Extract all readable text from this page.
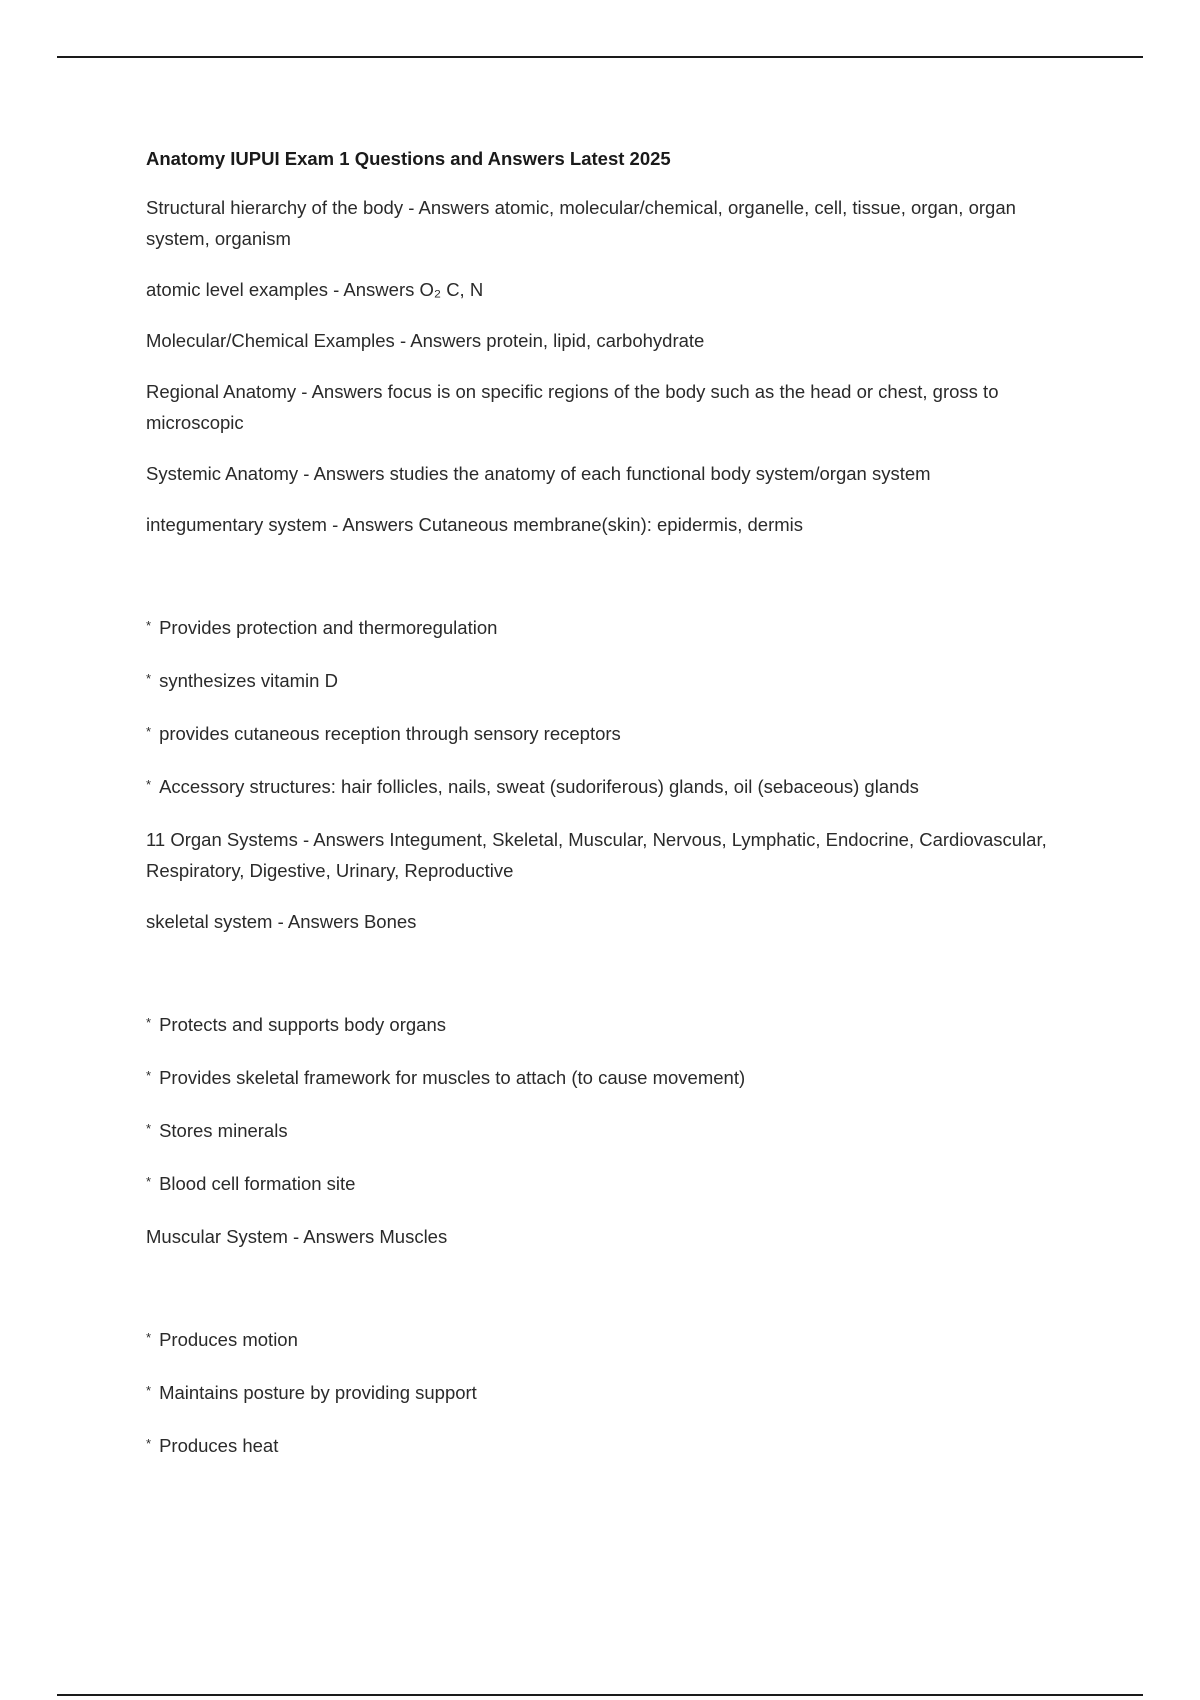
Anatomy IUPUI Exam 1 Questions and Answers Latest 2025
Structural hierarchy of the body - Answers atomic, molecular/chemical, organelle, cell, tissue, organ, organ system, organism
atomic level examples - Answers O₂ C, N
Molecular/Chemical Examples - Answers protein, lipid, carbohydrate
Regional Anatomy - Answers focus is on specific regions of the body such as the head or chest, gross to microscopic
Systemic Anatomy - Answers studies the anatomy of each functional body system/organ system
integumentary system - Answers Cutaneous membrane(skin): epidermis, dermis
* Provides protection and thermoregulation
* synthesizes vitamin D
* provides cutaneous reception through sensory receptors
* Accessory structures: hair follicles, nails, sweat (sudoriferous) glands, oil (sebaceous) glands
11 Organ Systems - Answers Integument, Skeletal, Muscular, Nervous, Lymphatic, Endocrine, Cardiovascular, Respiratory, Digestive, Urinary, Reproductive
skeletal system - Answers Bones
* Protects and supports body organs
* Provides skeletal framework for muscles to attach (to cause movement)
* Stores minerals
* Blood cell formation site
Muscular System - Answers Muscles
* Produces motion
* Maintains posture by providing support
* Produces heat
